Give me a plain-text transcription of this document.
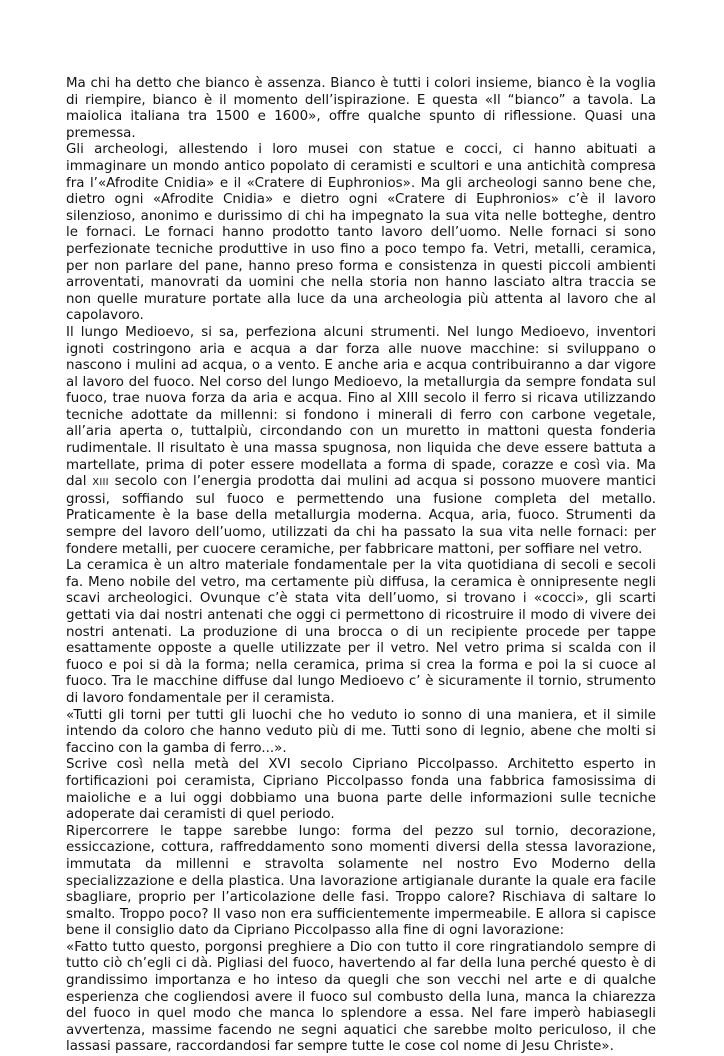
Ma chi ha detto che bianco è assenza. Bianco è tutti i colori insieme, bianco è la voglia di riempire, bianco è il momento dell’ispirazione. E questa «Il “bianco” a tavola. La maiolica italiana tra 1500 e 1600», offre qualche spunto di riflessione. Quasi una premessa.

Gli archeologi, allestendo i loro musei con statue e cocci, ci hanno abituati a immaginare un mondo antico popolato di ceramisti e scultori e una antichità compresa fra l’«Afrodite Cnidia» e il «Cratere di Euphronios». Ma gli archeologi sanno bene che, dietro ogni «Afrodite Cnidia» e dietro ogni «Cratere di Euphronios» c’è il lavoro silenzioso, anonimo e durissimo di chi ha impegnato la sua vita nelle botteghe, dentro le fornaci. Le fornaci hanno prodotto tanto lavoro dell’uomo. Nelle fornaci si sono perfezionate tecniche produttive in uso fino a poco tempo fa. Vetri, metalli, ceramica, per non parlare del pane, hanno preso forma e consistenza in questi piccoli ambienti arroventati, manovrati da uomini che nella storia non hanno lasciato altra traccia se non quelle murature portate alla luce da una archeologia più attenta al lavoro che al capolavoro.

Il lungo Medioevo, si sa, perfeziona alcuni strumenti. Nel lungo Medioevo, inventori ignoti costringono aria e acqua a dar forza alle nuove macchine: si sviluppano o nascono i mulini ad acqua, o a vento. E anche aria e acqua contribuiranno a dar vigore al lavoro del fuoco. Nel corso del lungo Medioevo, la metallurgia da sempre fondata sul fuoco, trae nuova forza da aria e acqua. Fino al XIII secolo il ferro si ricava utilizzando tecniche adottate da millenni: si fondono i minerali di ferro con carbone vegetale, all’aria aperta o, tuttalpiù, circondando con un muretto in mattoni questa fonderia rudimentale. Il risultato è una massa spugnosa, non liquida che deve essere battuta a martellate, prima di poter essere modellata a forma di spade, corazze e così via. Ma dal XIII secolo con l’energia prodotta dai mulini ad acqua si possono muovere mantici grossi, soffiando sul fuoco e permettendo una fusione completa del metallo. Praticamente è la base della metallurgia moderna. Acqua, aria, fuoco. Strumenti da sempre del lavoro dell’uomo, utilizzati da chi ha passato la sua vita nelle fornaci: per fondere metalli, per cuocere ceramiche, per fabbricare mattoni, per soffiare nel vetro.

La ceramica è un altro materiale fondamentale per la vita quotidiana di secoli e secoli fa. Meno nobile del vetro, ma certamente più diffusa, la ceramica è onnipresente negli scavi archeologici. Ovunque c’è stata vita dell’uomo, si trovano i «cocci», gli scarti gettati via dai nostri antenati che oggi ci permettono di ricostruire il modo di vivere dei nostri antenati. La produzione di una brocca o di un recipiente procede per tappe esattamente opposte a quelle utilizzate per il vetro. Nel vetro prima si scalda con il fuoco e poi si dà la forma; nella ceramica, prima si crea la forma e poi la si cuoce al fuoco. Tra le macchine diffuse dal lungo Medioevo c’ è sicuramente il tornio, strumento di lavoro fondamentale per il ceramista.

«Tutti gli torni per tutti gli luochi che ho veduto io sonno di una maniera, et il simile intendo da coloro che hanno veduto più di me. Tutti sono di legnio, abene che molti si faccino con la gamba di ferro...».

Scrive così nella metà del XVI secolo Cipriano Piccolpasso. Architetto esperto in fortificazioni poi ceramista, Cipriano Piccolpasso fonda una fabbrica famosissima di maioliche e a lui oggi dobbiamo una buona parte delle informazioni sulle tecniche adoperate dai ceramisti di quel periodo.

Ripercorrere le tappe sarebbe lungo: forma del pezzo sul tornio, decorazione, essiccazione, cottura, raffreddamento sono momenti diversi della stessa lavorazione, immutata da millenni e stravolta solamente nel nostro Evo Moderno della specializzazione e della plastica. Una lavorazione artigianale durante la quale era facile sbagliare, proprio per l’articolazione delle fasi. Troppo calore? Rischiava di saltare lo smalto. Troppo poco? Il vaso non era sufficientemente impermeabile. E allora si capisce bene il consiglio dato da Cipriano Piccolpasso alla fine di ogni lavorazione:

«Fatto tutto questo, porgonsi preghiere a Dio con tutto il core ringratiandolo sempre di tutto ciò ch’egli ci dà. Pigliasi del fuoco, havertendo al far della luna perché questo è di grandissimo importanza e ho inteso da quegli che son vecchi nel arte e di qualche esperienza che cogliendosi avere il fuoco sul combusto della luna, manca la chiarezza del fuoco in quel modo che manca lo splendore a essa. Nel fare imperò habiasegli avvertenza, massime facendo ne segni aquatici che sarebbe molto periculoso, il che lassasi passare, raccordandosi far sempre tutte le cose col nome di Jesu Christe».
